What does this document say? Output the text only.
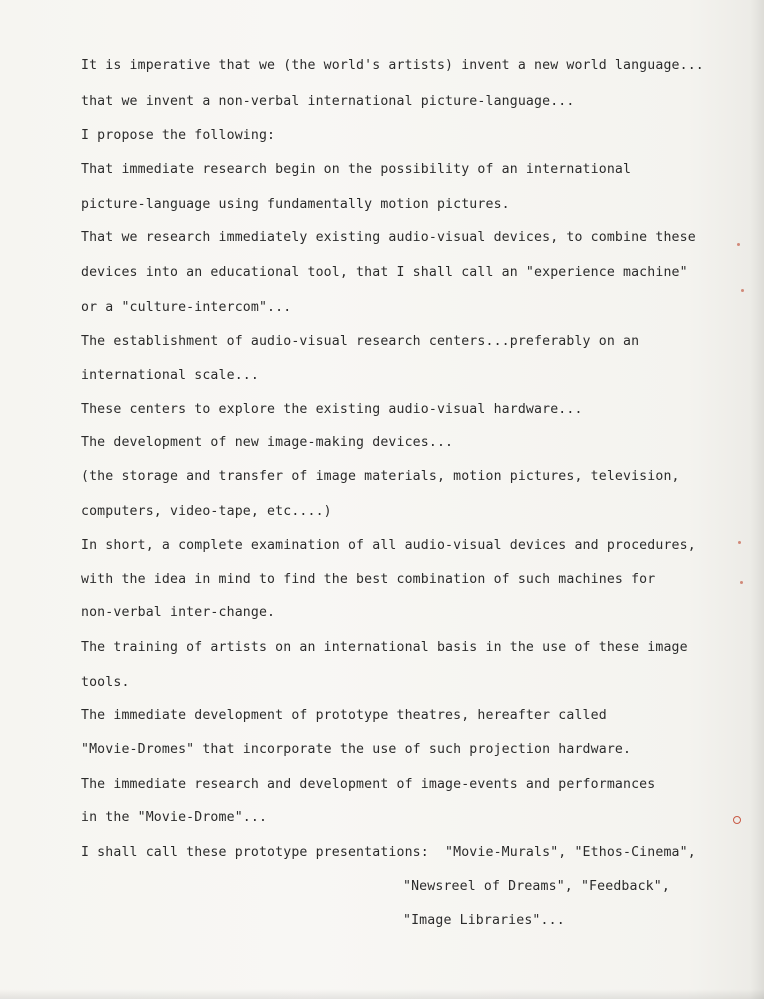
It is imperative that we (the world's artists) invent a new world language...
that we invent a non-verbal international picture-language...
I propose the following:
That immediate research begin on the possibility of an international
picture-language using fundamentally motion pictures.
That we research immediately existing audio-visual devices, to combine these
devices into an educational tool, that I shall call an "experience machine"
or a "culture-intercom"...
The establishment of audio-visual research centers...preferably on an
international scale...
These centers to explore the existing audio-visual hardware...
The development of new image-making devices...
(the storage and transfer of image materials, motion pictures, television,
computers, video-tape, etc....)
In short, a complete examination of all audio-visual devices and procedures,
with the idea in mind to find the best combination of such machines for
non-verbal inter-change.
The training of artists on an international basis in the use of these image
tools.
The immediate development of prototype theatres, hereafter called
"Movie-Dromes" that incorporate the use of such projection hardware.
The immediate research and development of image-events and performances
in the "Movie-Drome"...
I shall call these prototype presentations:  "Movie-Murals", "Ethos-Cinema",
"Newsreel of Dreams", "Feedback",
"Image Libraries"...
